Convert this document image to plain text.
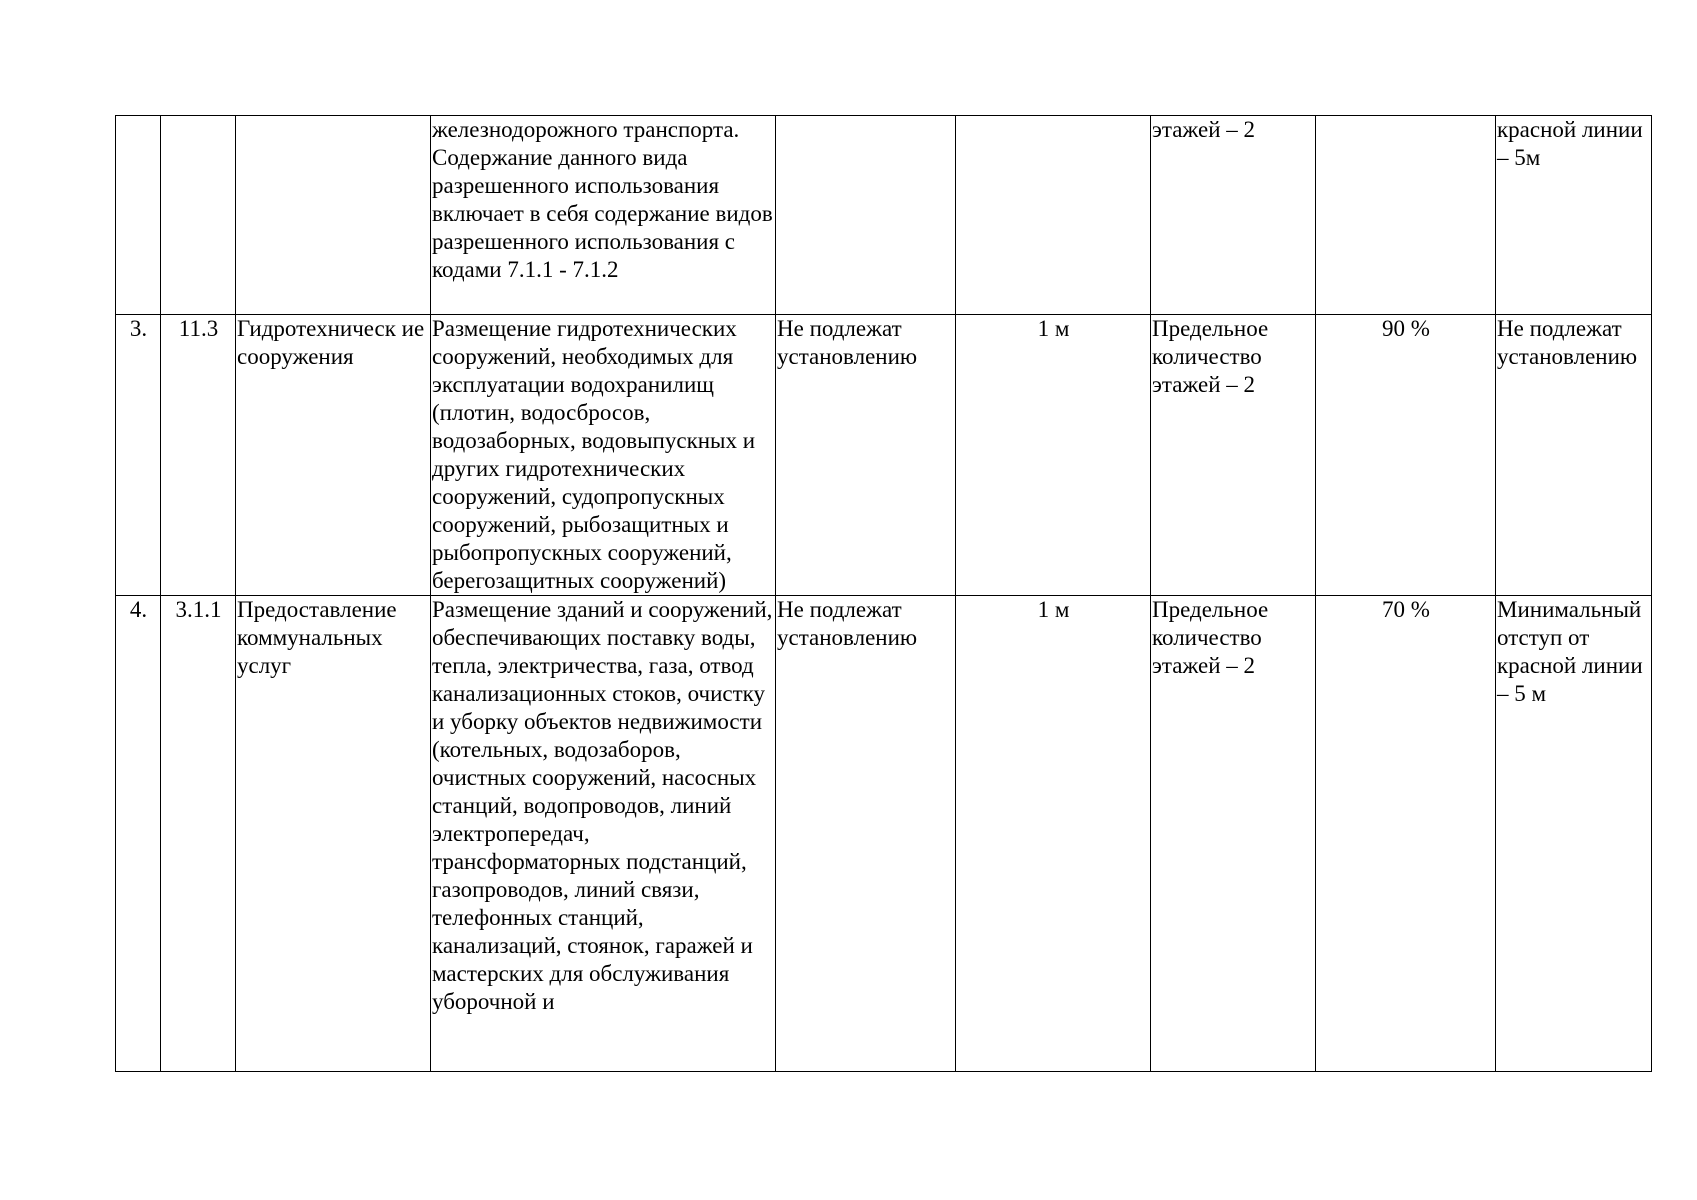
			железнодорожного транспорта. Содержание данного вида разрешенного использования включает в себя содержание видов разрешенного использования с кодами 7.1.1 - 7.1.2			этажей – 2		красной линии – 5м
3.	11.3	Гидротехническ ие сооружения	Размещение гидротехнических сооружений, необходимых для эксплуатации водохранилищ (плотин, водосбросов, водозаборных, водовыпускных и других гидротехнических сооружений, судопропускных сооружений, рыбозащитных и рыбопропускных сооружений, берегозащитных сооружений)	Не подлежат установлению	1 м	Предельное количество этажей – 2	90 %	Не подлежат установлению
4.	3.1.1	Предоставление коммунальных услуг	Размещение зданий и сооружений, обеспечивающих поставку воды, тепла, электричества, газа, отвод канализационных стоков, очистку и уборку объектов недвижимости (котельных, водозаборов, очистных сооружений, насосных станций, водопроводов, линий электропередач, трансформаторных подстанций, газопроводов, линий связи, телефонных станций, канализаций, стоянок, гаражей и мастерских для обслуживания уборочной и	Не подлежат установлению	1 м	Предельное количество этажей – 2	70 %	Минимальный отступ от красной линии – 5 м
